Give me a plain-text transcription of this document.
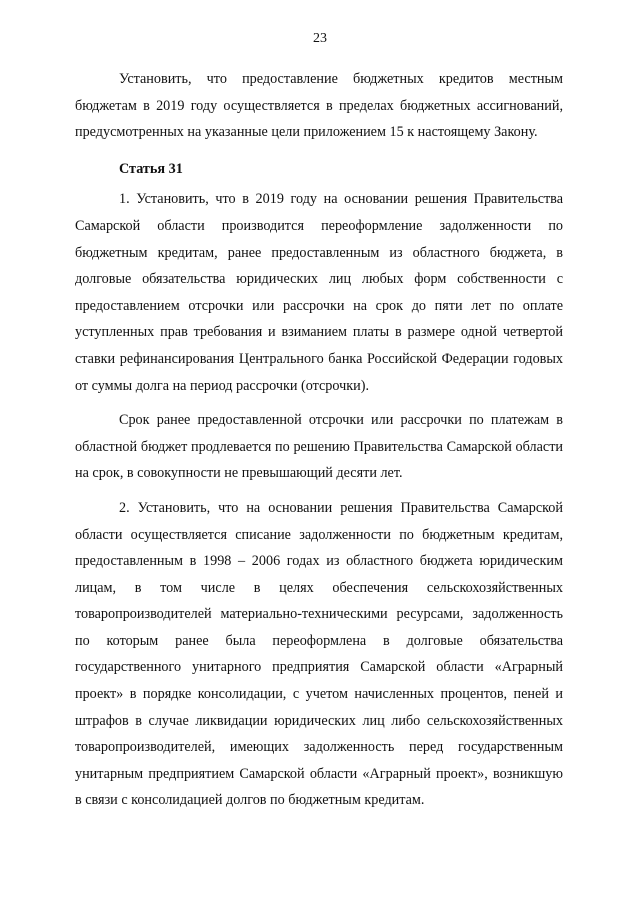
23

Установить, что предоставление бюджетных кредитов местным бюджетам в 2019 году осуществляется в пределах бюджетных ассигнований, предусмотренных на указанные цели приложением 15 к настоящему Закону.

Статья 31

1. Установить, что в 2019 году на основании решения Правительства Самарской области производится переоформление задолженности по бюджетным кредитам, ранее предоставленным из областного бюджета, в долговые обязательства юридических лиц любых форм собственности с предоставлением отсрочки или рассрочки на срок до пяти лет по оплате уступленных прав требования и взиманием платы в размере одной четвертой ставки рефинансирования Центрального банка Российской Федерации годовых от суммы долга на период рассрочки (отсрочки).

Срок ранее предоставленной отсрочки или рассрочки по платежам в областной бюджет продлевается по решению Правительства Самарской области на срок, в совокупности не превышающий десяти лет.

2. Установить, что на основании решения Правительства Самарской области осуществляется списание задолженности по бюджетным кредитам, предоставленным в 1998 – 2006 годах из областного бюджета юридическим лицам, в том числе в целях обеспечения сельскохозяйственных товаропроизводителей материально-техническими ресурсами, задолженность по которым ранее была переоформлена в долговые обязательства государственного унитарного предприятия Самарской области «Аграрный проект» в порядке консолидации, с учетом начисленных процентов, пеней и штрафов в случае ликвидации юридических лиц либо сельскохозяйственных товаропроизводителей, имеющих задолженность перед государственным унитарным предприятием Самарской области «Аграрный проект», возникшую в связи с консолидацией долгов по бюджетным кредитам.
